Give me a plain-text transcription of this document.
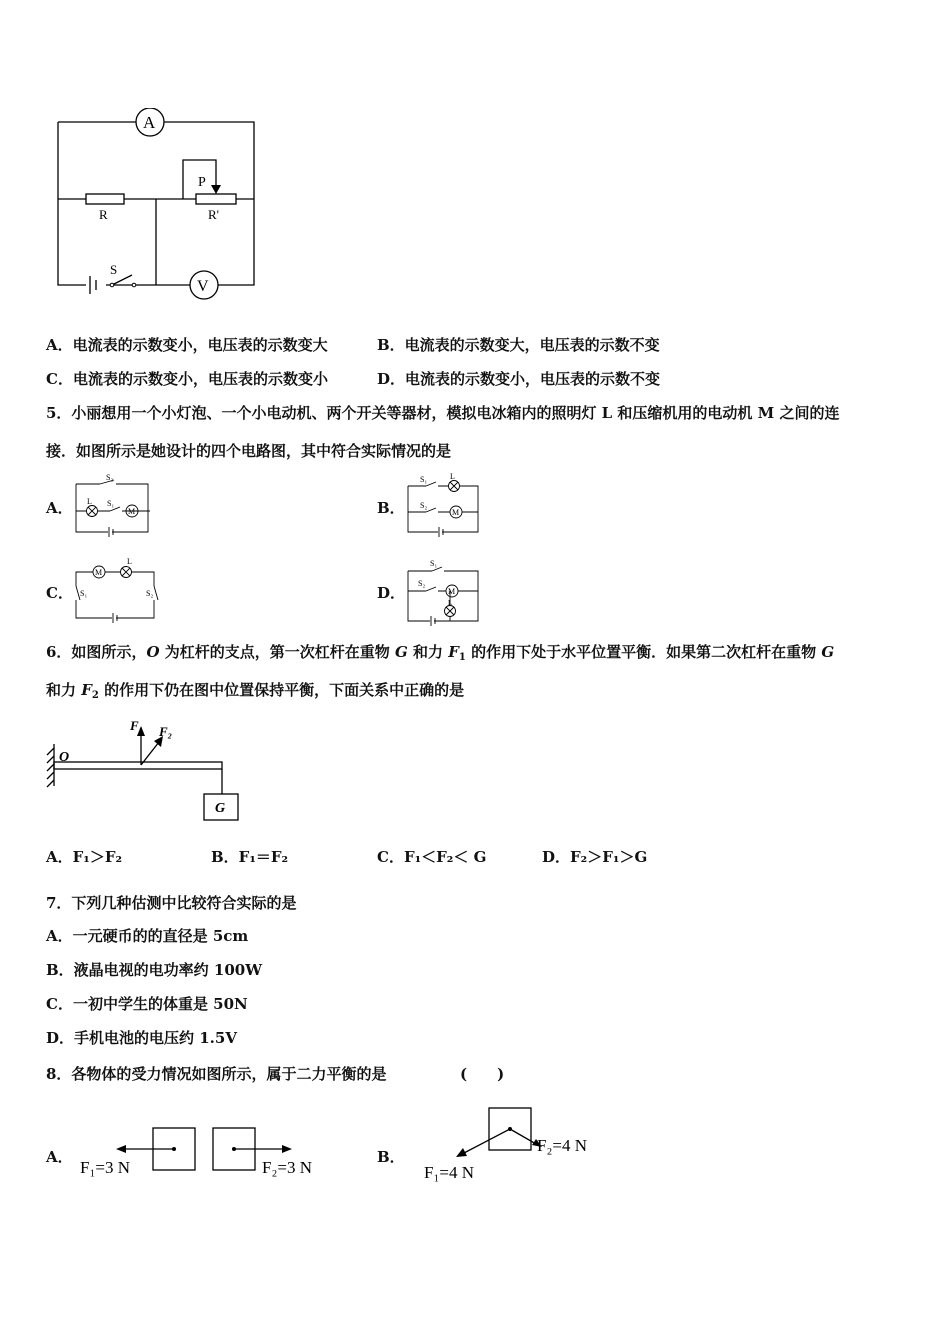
A
V
P
R	R'
S
A．电流表的示数变小，电压表的示数变大	B．电流表的示数变大，电压表的示数不变
C．电流表的示数变小，电压表的示数变小	D．电流表的示数变小，电压表的示数不变
5．小丽想用一个小灯泡、一个小电动机、两个开关等器材，模拟电冰箱内的照明灯 L 和压缩机用的电动机 M 之间的连
接．如图所示是她设计的四个电路图，其中符合实际情况的是
A．
S₂
S₁
L
M	B．
S₁
S₂
L
M
C．
M
L
S₁	S₂	D．
S₁
S₂
M
L
6．如图所示，O 为杠杆的支点，第一次杠杆在重物 G 和力 $F_1$ 的作用下处于水平位置平衡．如果第二次杠杆在重物 G
和力 $F_2$ 的作用下仍在图中位置保持平衡，下面关系中正确的是
O
F₁ F₂
G
A．F₁＞F₂	B．F₁＝F₂	C．F₁＜F₂＜ G	D．F₂＞F₁＞G
7．下列几种估测中比较符合实际的是
A．一元硬币的的直径是 5cm
B．液晶电视的电功率约 100W
C．一初中学生的体重是 50N
D．手机电池的电压约 1.5V
8．各物体的受力情况如图所示，属于二力平衡的是	(　　)
A．
F₁=3 N	F₂=3 N
B．
F₁=4 N
F₂=4 N
